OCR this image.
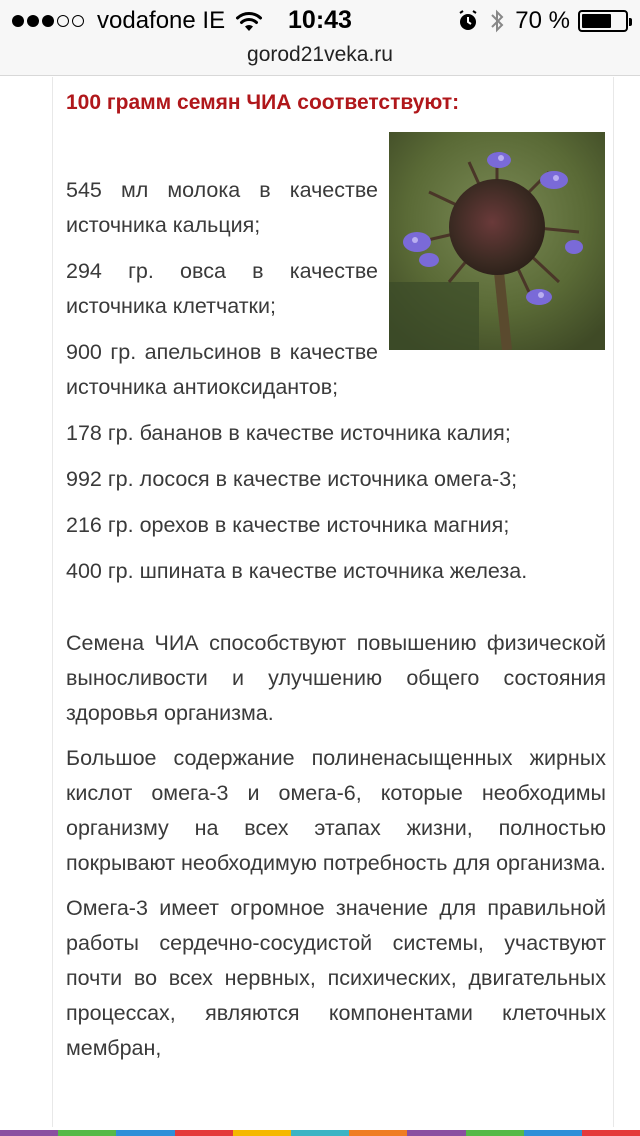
vodafone IE	10:43	70 %
gorod21veka.ru
100 грамм семян ЧИА соответствуют:

545 мл молока в качестве источника кальция;

294 гр. овса в качестве источника клетчатки;

900 гр. апельсинов в качестве источника антиоксидантов;

178 гр. бананов в качестве источника калия;

992 гр. лосося в качестве источника омега-3;

216 гр. орехов в качестве источника магния;

400 гр. шпината в качестве источника железа.

Семена ЧИА способствуют повышению физической выносливости и улучшению общего состояния здоровья организма.

Большое содержание полиненасыщенных жирных кислот омега-3 и омега-6, которые необходимы организму на всех этапах жизни, полностью покрывают необходимую потребность для организма.

Омега-3 имеет огромное значение для правильной работы сердечно-сосудистой системы, участвуют почти во всех нервных, психических, двигательных процессах, являются компонентами клеточных мембран,
